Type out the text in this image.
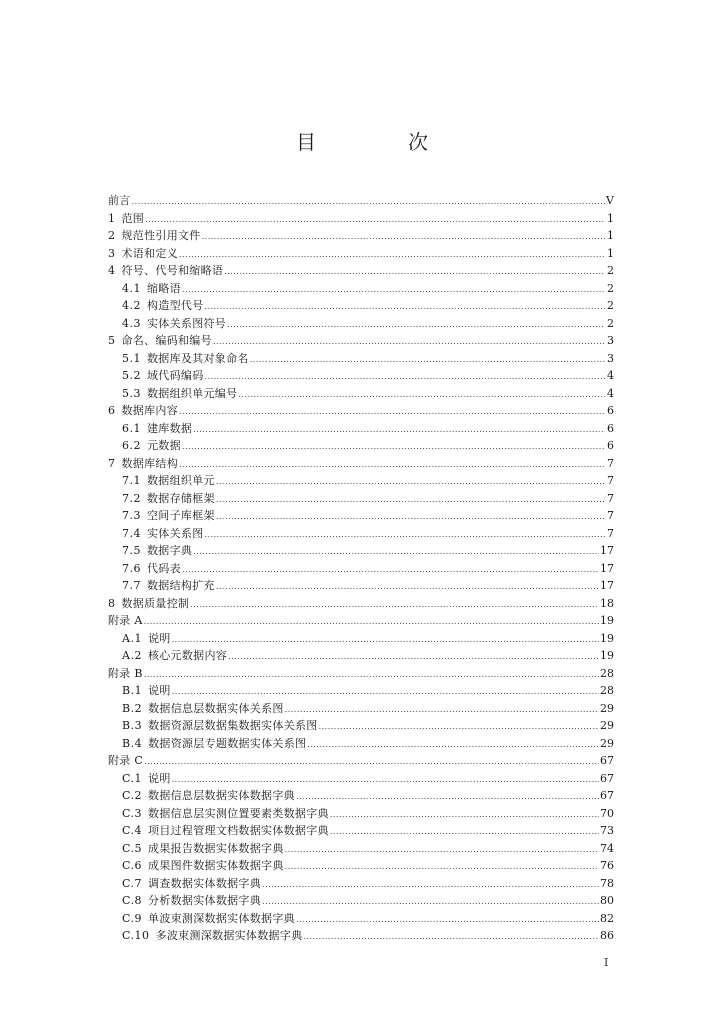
目　次
前言 .....	V
1 范围 .....	1
2 规范性引用文件 .....	1
3 术语和定义 .....	1
4 符号、代号和缩略语 .....	2
4.1 缩略语 .....	2
4.2 构造型代号 .....	2
4.3 实体关系图符号 .....	2
5 命名、编码和编号 .....	3
5.1 数据库及其对象命名 .....	3
5.2 域代码编码 .....	4
5.3 数据组织单元编号 .....	4
6 数据库内容 .....	6
6.1 建库数据 .....	6
6.2 元数据 .....	6
7 数据库结构 .....	7
7.1 数据组织单元 .....	7
7.2 数据存储框架 .....	7
7.3 空间子库框架 .....	7
7.4 实体关系图 .....	7
7.5 数据字典 .....	17
7.6 代码表 .....	17
7.7 数据结构扩充 .....	17
8 数据质量控制 .....	18
附录 A .....	19
A.1 说明 .....	19
A.2 核心元数据内容 .....	19
附录 B .....	28
B.1 说明 .....	28
B.2 数据信息层数据实体关系图 .....	29
B.3 数据资源层数据集数据实体关系图 .....	29
B.4 数据资源层专题数据实体关系图 .....	29
附录 C .....	67
C.1 说明 .....	67
C.2 数据信息层数据实体数据字典 .....	67
C.3 数据信息层实测位置要素类数据字典 .....	70
C.4 项目过程管理文档数据实体数据字典 .....	73
C.5 成果报告数据实体数据字典 .....	74
C.6 成果图件数据实体数据字典 .....	76
C.7 调查数据实体数据字典 .....	78
C.8 分析数据实体数据字典 .....	80
C.9 单波束测深数据实体数据字典 .....	82
C.10 多波束测深数据实体数据字典 .....	86
I
